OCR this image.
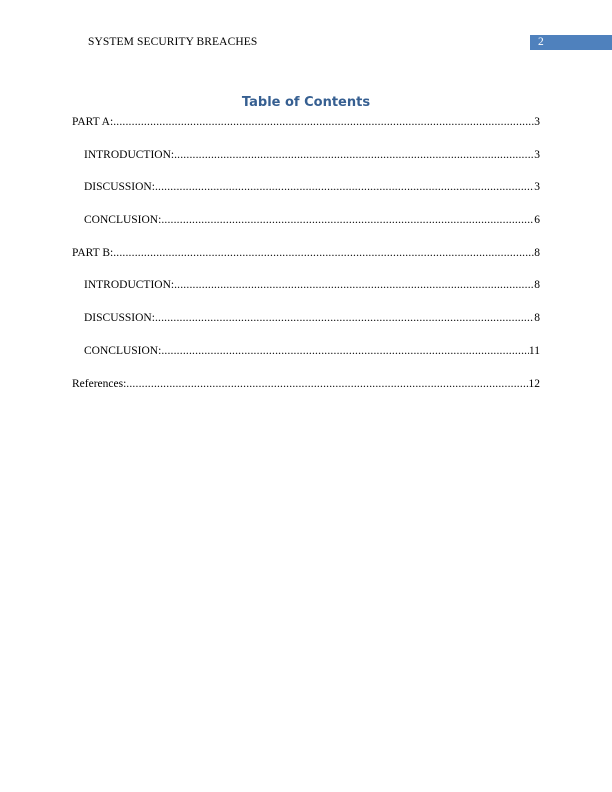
SYSTEM SECURITY BREACHES	2
Table of Contents
PART A: .....	3
INTRODUCTION: .....	3
DISCUSSION: .....	3
CONCLUSION: .....	6
PART B: .....	8
INTRODUCTION: .....	8
DISCUSSION: .....	8
CONCLUSION: .....	11
References: .....	12
